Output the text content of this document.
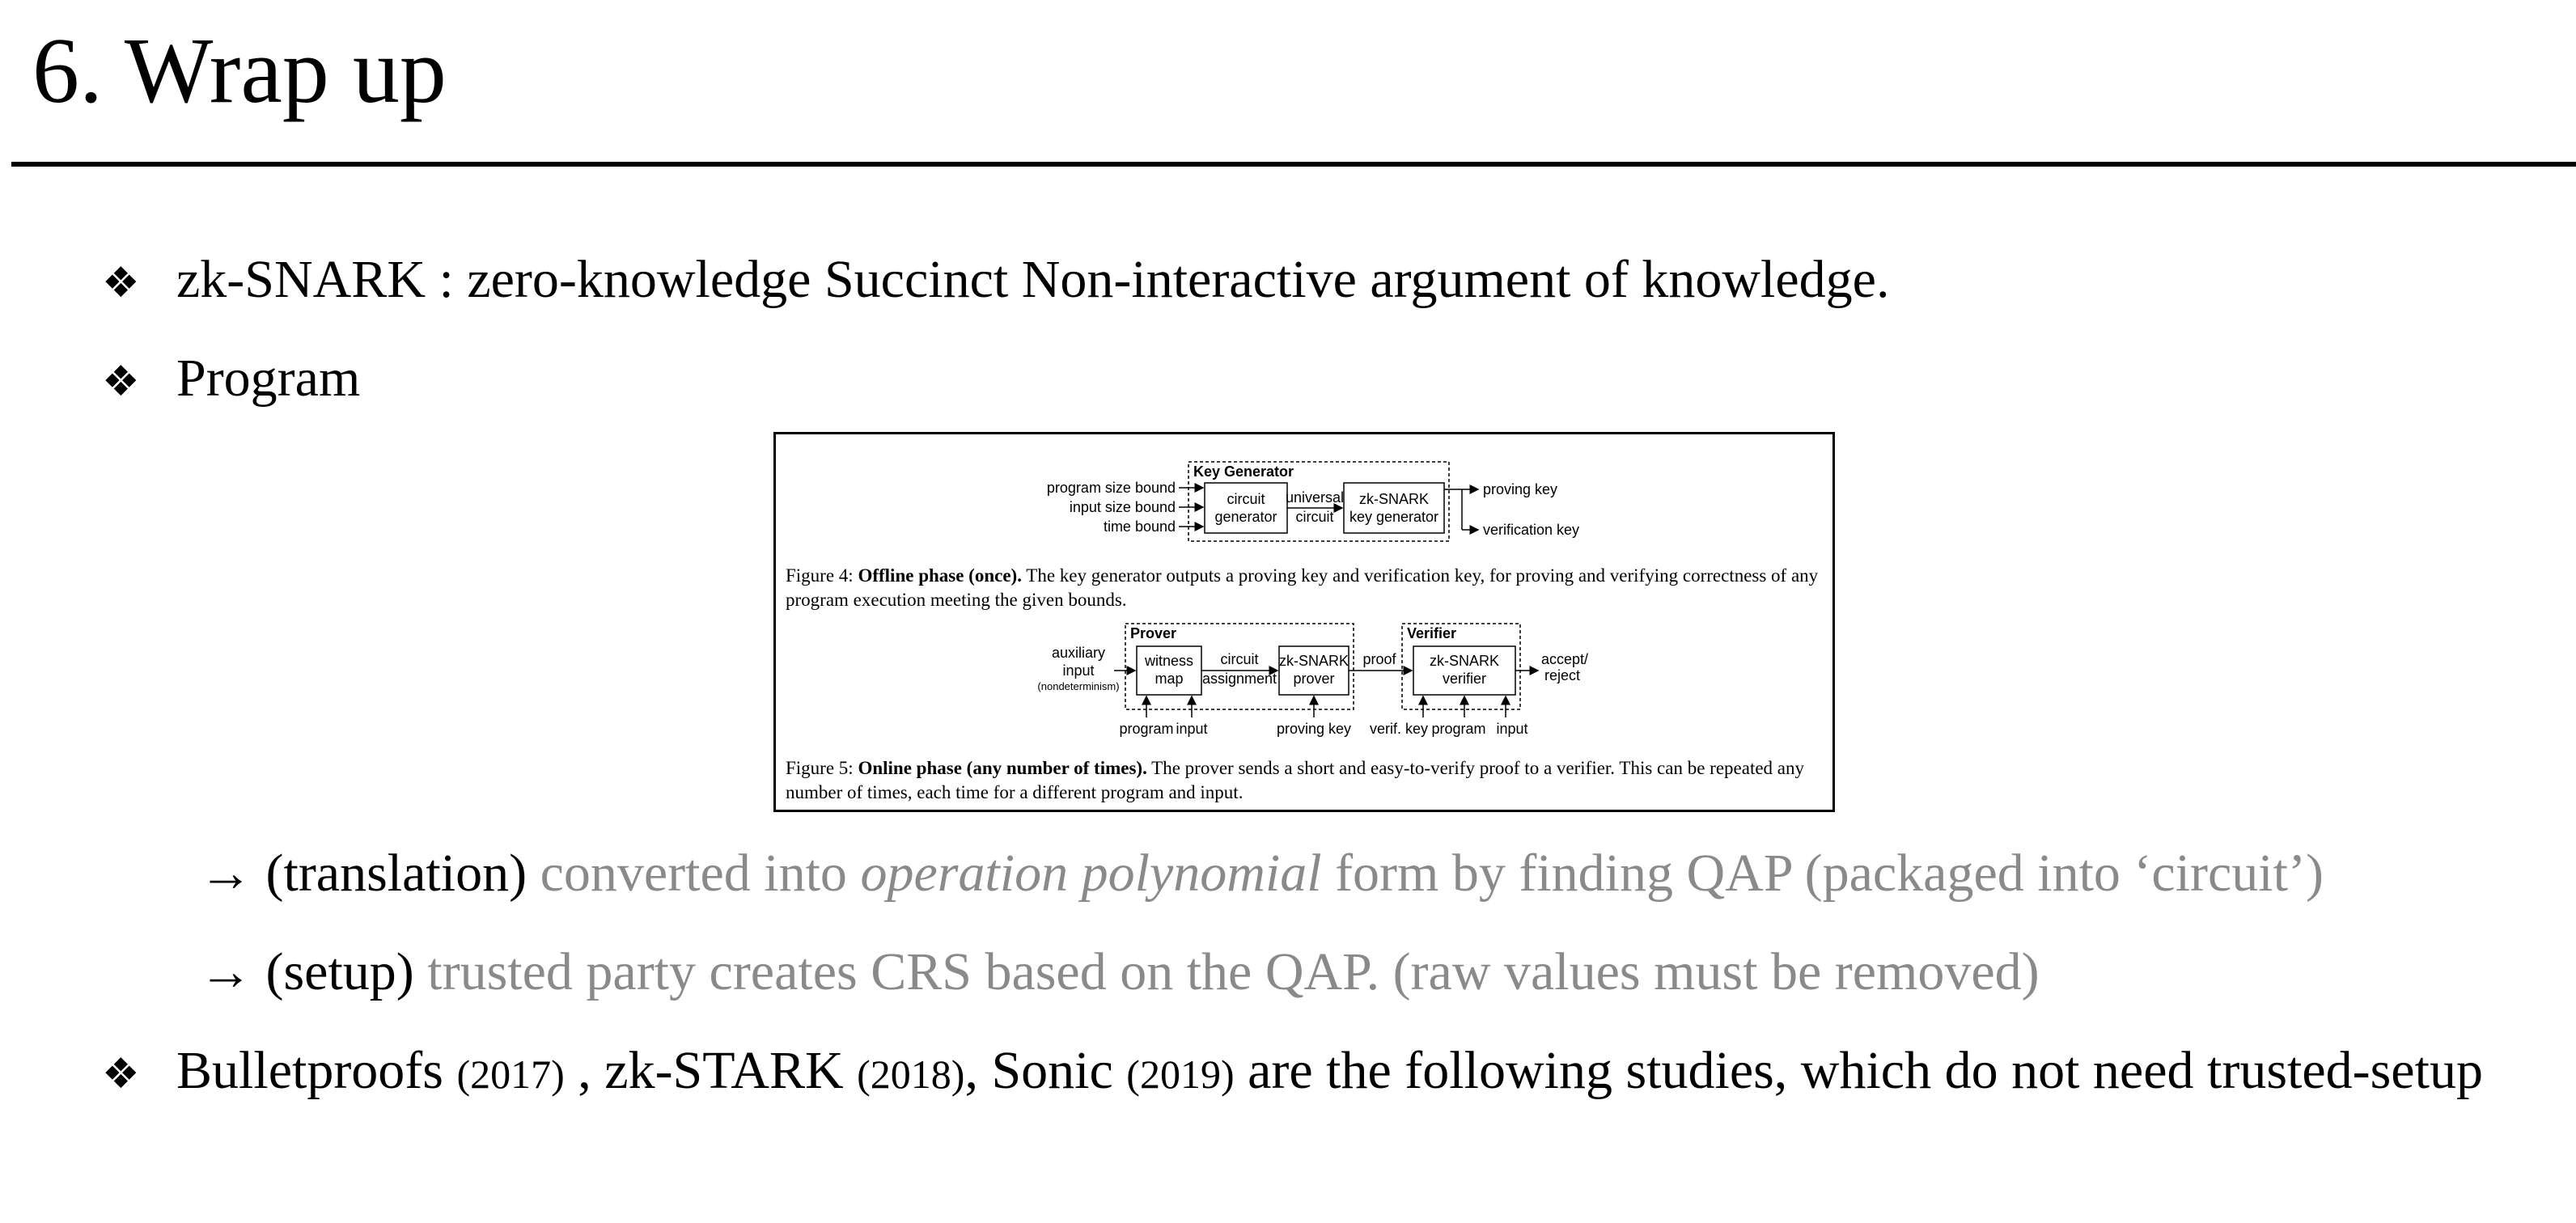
6. Wrap up
❖ zk-SNARK : zero-knowledge Succinct Non-interactive argument of knowledge.
❖ Program
Key Generator
program size bound
input size bound
time bound
circuit
generator
universal
circuit
zk-SNARK
key generator
proving key
verification key
Prover	Verifier
auxiliary
input
(nondeterminism)
witness
map
circuit
assignment
zk-SNARK
prover
proof zk-SNARK
verifier
accept/
reject
program input	proving key verif. key program input
Figure 4: Offline phase (once). The key generator outputs a proving key and verification key, for proving and verifying correctness of any program execution meeting the given bounds.
Figure 5: Online phase (any number of times). The prover sends a short and easy-to-verify proof to a verifier. This can be repeated any number of times, each time for a different program and input.
→ (translation) converted into operation polynomial form by finding QAP (packaged into ‘circuit’)
→ (setup) trusted party creates CRS based on the QAP. (raw values must be removed)
❖ Bulletproofs (2017) , zk-STARK (2018), Sonic (2019) are the following studies, which do not need trusted-setup
